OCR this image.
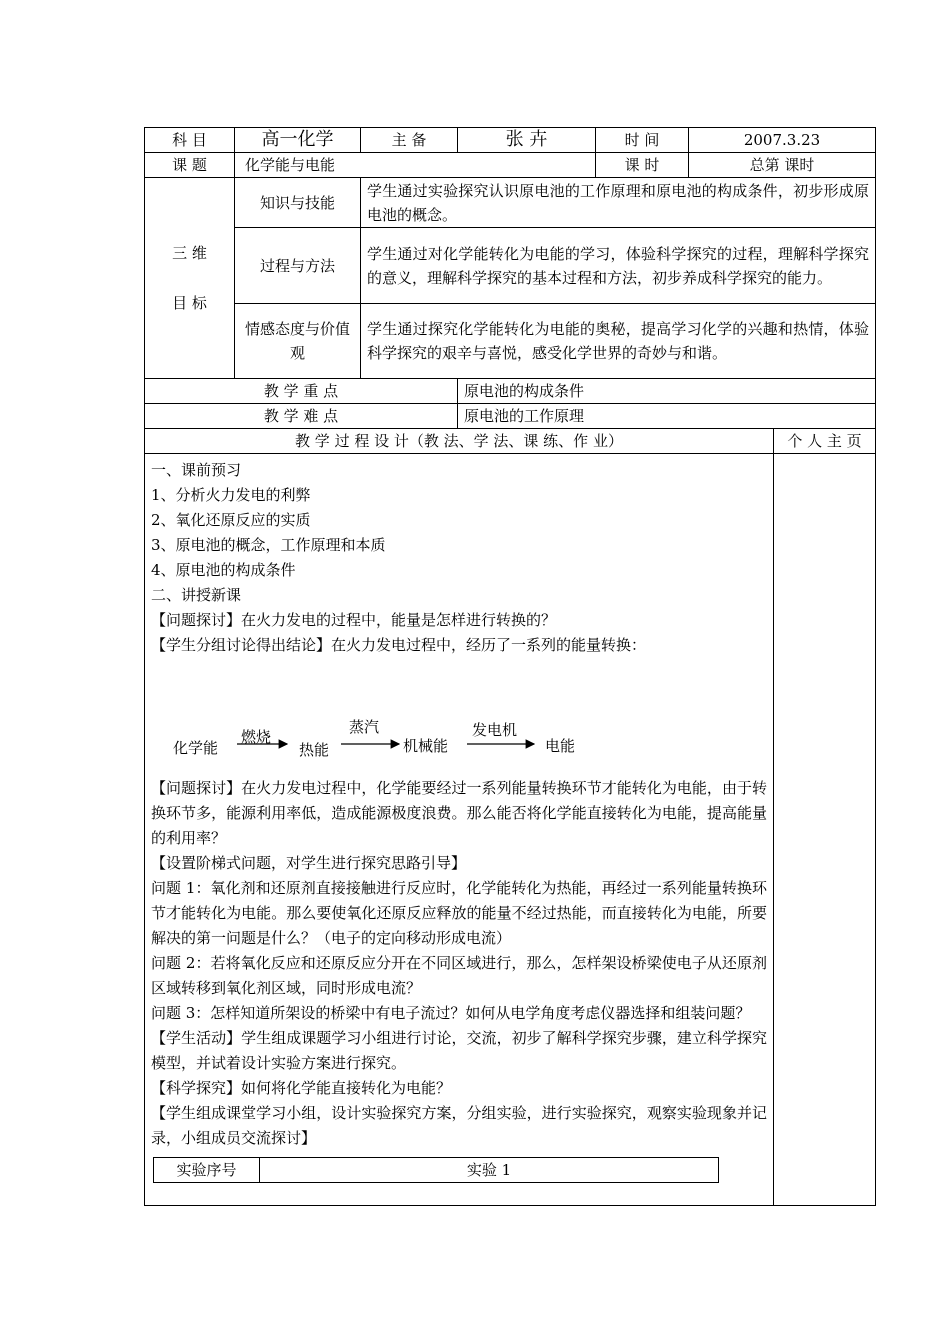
科 目	高一化学	主 备	张 卉	时 间	2007.3.23
课 题	化学能与电能	课 时	总第 课时

三 维
目 标
	知识与技能	学生通过实验探究认识原电池的工作原理和原电池的构成条件，初步形成原电池的概念。
过程与方法	学生通过对化学能转化为电能的学习，体验科学探究的过程，理解科学探究的意义，理解科学探究的基本过程和方法，初步养成科学探究的能力。
情感态度与价值观	学生通过探究化学能转化为电能的奥秘，提高学习化学的兴趣和热情，体验科学探究的艰辛与喜悦，感受化学世界的奇妙与和谐。
教 学 重 点	原电池的构成条件
教 学 难 点	原电池的工作原理
教 学 过 程 设 计（教 法、学 法、课 练、作 业）	个 人 主 页

一、课前预习

1、分析火力发电的利弊

2、氧化还原反应的实质

3、原电池的概念，工作原理和本质

4、原电池的构成条件

二、讲授新课

【问题探讨】在火力发电的过程中，能量是怎样进行转换的？

【学生分组讨论得出结论】在火力发电过程中，经历了一系列的能量转换：

化学能
燃烧
热能
蒸汽
机械能
发电机
电能

【问题探讨】在火力发电过程中，化学能要经过一系列能量转换环节才能转化为电能，由于转换环节多，能源利用率低，造成能源极度浪费。那么能否将化学能直接转化为电能，提高能量的利用率？

【设置阶梯式问题，对学生进行探究思路引导】

问题 1：氧化剂和还原剂直接接触进行反应时，化学能转化为热能，再经过一系列能量转换环节才能转化为电能。那么要使氧化还原反应释放的能量不经过热能，而直接转化为电能，所要解决的第一问题是什么？（电子的定向移动形成电流）

问题 2：若将氧化反应和还原反应分开在不同区域进行，那么，怎样架设桥梁使电子从还原剂区域转移到氧化剂区域，同时形成电流？

问题 3：怎样知道所架设的桥梁中有电子流过？如何从电学角度考虑仪器选择和组装问题？

【学生活动】学生组成课题学习小组进行讨论，交流，初步了解科学探究步骤，建立科学探究模型，并试着设计实验方案进行探究。

【科学探究】如何将化学能直接转化为电能？

【学生组成课堂学习小组，设计实验探究方案，分组实验，进行实验探究，观察实验现象并记录，小组成员交流探讨】

实验序号	实验 1
